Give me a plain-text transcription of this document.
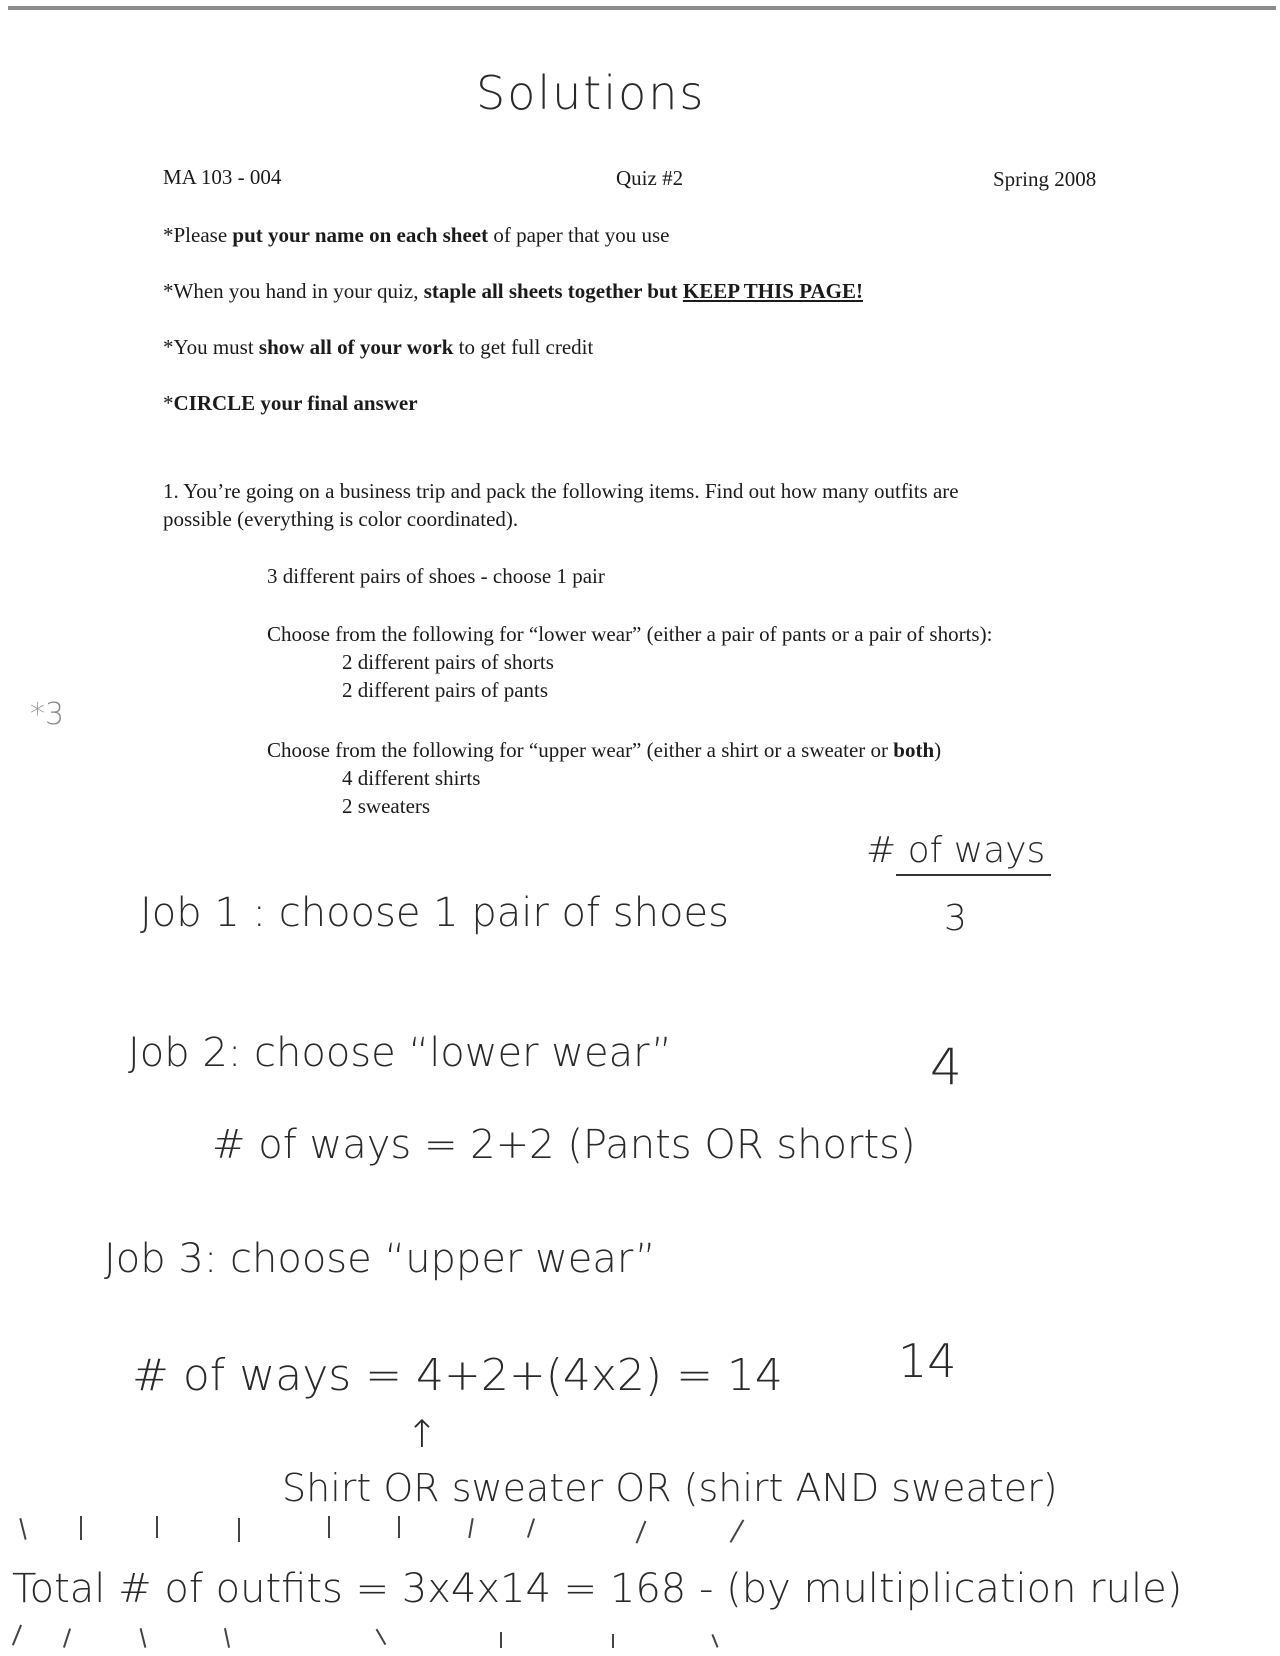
Solutions
MA 103 - 004	Quiz #2	Spring 2008
*Please put your name on each sheet of paper that you use
*When you hand in your quiz, staple all sheets together but KEEP THIS PAGE!
*You must show all of your work to get full credit
*CIRCLE your final answer
1. You’re going on a business trip and pack the following items. Find out how many outfits are
possible (everything is color coordinated).
3 different pairs of shoes - choose 1 pair
Choose from the following for “lower wear” (either a pair of pants or a pair of shorts):
2 different pairs of shorts
2 different pairs of pants
*3
Choose from the following for “upper wear” (either a shirt or a sweater or both)
4 different shirts
2 sweaters
# of ways
Job 1 : choose 1 pair of shoes	3
Job 2: choose “lower wear”	4
# of ways = 2+2 (Pants OR shorts)
Job 3: choose “upper wear”
# of ways = 4+2+(4x2) = 14	14
↑
Shirt OR sweater OR (shirt AND sweater)
Total # of outfits = 3x4x14 = 168 - (by multiplication rule)
